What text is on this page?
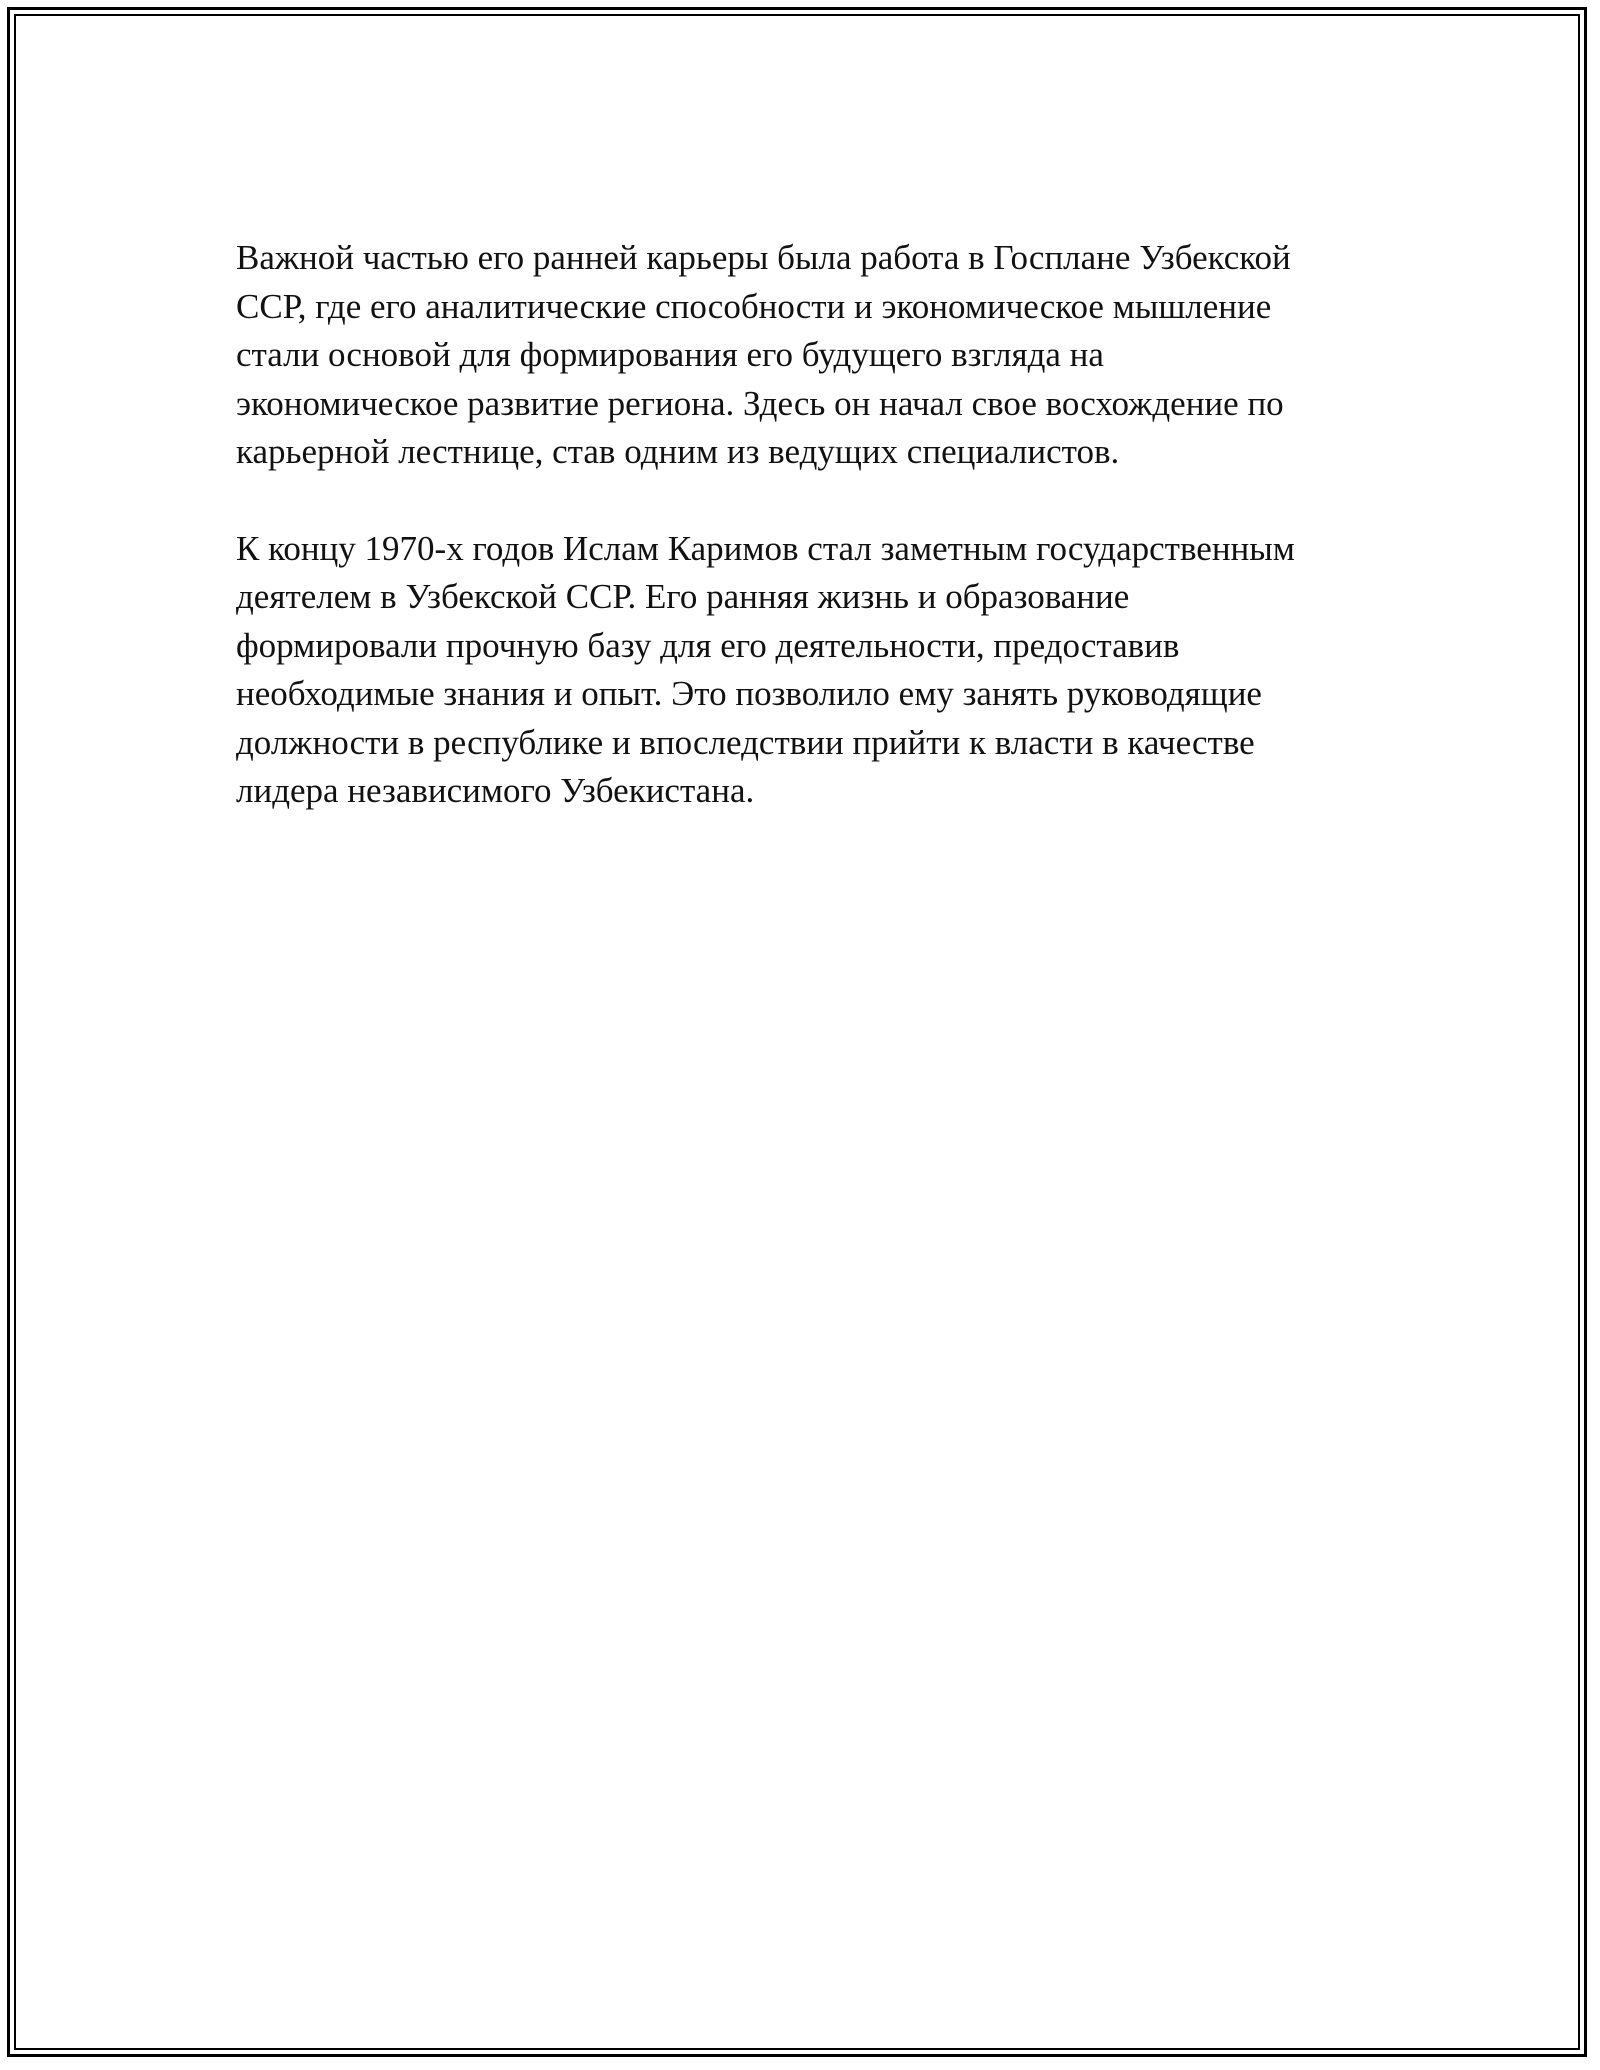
Важной частью его ранней карьеры была работа в Госплане Узбекской
ССР, где его аналитические способности и экономическое мышление
стали основой для формирования его будущего взгляда на
экономическое развитие региона. Здесь он начал свое восхождение по
карьерной лестнице, став одним из ведущих специалистов.

К концу 1970-х годов Ислам Каримов стал заметным государственным
деятелем в Узбекской ССР. Его ранняя жизнь и образование
формировали прочную базу для его деятельности, предоставив
необходимые знания и опыт. Это позволило ему занять руководящие
должности в республике и впоследствии прийти к власти в качестве
лидера независимого Узбекистана.
